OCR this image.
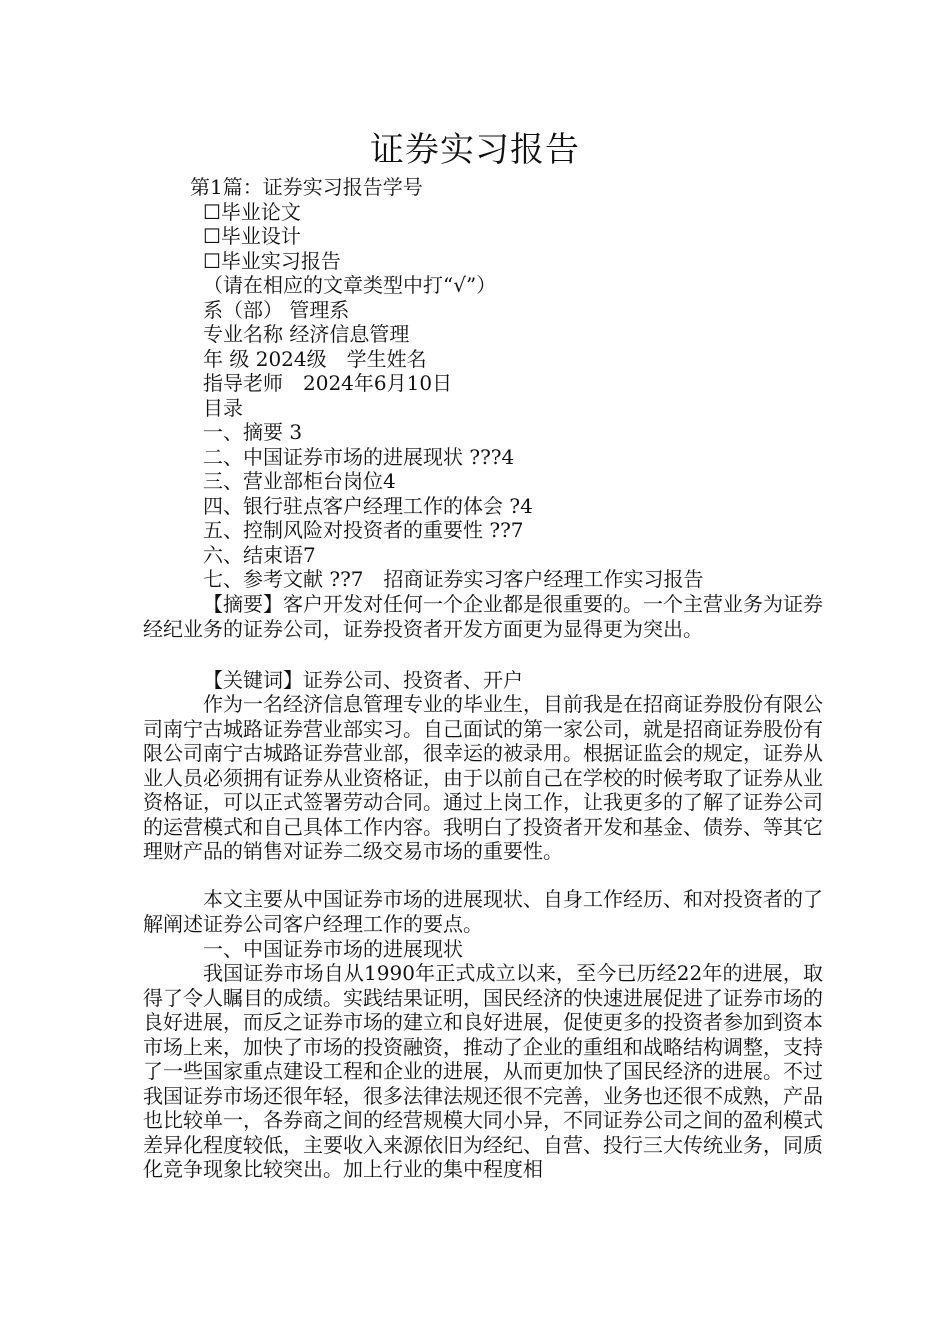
证券实习报告
第1篇：证券实习报告学号
☐毕业论文
☐毕业设计
☐毕业实习报告
（请在相应的文章类型中打“√”）
系（部） 管理系
专业名称 经济信息管理
年 级 2024级　学生姓名
指导老师　2024年6月10日
目录
一、摘要 3
二、中国证券市场的进展现状 ???4
三、营业部柜台岗位4
四、银行驻点客户经理工作的体会 ?4
五、控制风险对投资者的重要性 ??7
六、结束语7
七、参考文献 ??7　招商证券实习客户经理工作实习报告
【摘要】客户开发对任何一个企业都是很重要的。一个主营业务为证券经纪业务的证券公司，证券投资者开发方面更为显得更为突出。
【关键词】证券公司、投资者、开户
作为一名经济信息管理专业的毕业生，目前我是在招商证券股份有限公司南宁古城路证券营业部实习。自己面试的第一家公司，就是招商证券股份有限公司南宁古城路证券营业部，很幸运的被录用。根据证监会的规定，证券从业人员必须拥有证券从业资格证，由于以前自己在学校的时候考取了证券从业资格证，可以正式签署劳动合同。通过上岗工作，让我更多的了解了证券公司的运营模式和自己具体工作内容。我明白了投资者开发和基金、债券、等其它理财产品的销售对证券二级交易市场的重要性。
本文主要从中国证券市场的进展现状、自身工作经历、和对投资者的了解阐述证券公司客户经理工作的要点。
一、中国证券市场的进展现状
我国证券市场自从1990年正式成立以来，至今已历经22年的进展，取得了令人瞩目的成绩。实践结果证明，国民经济的快速进展促进了证券市场的良好进展，而反之证券市场的建立和良好进展，促使更多的投资者参加到资本市场上来，加快了市场的投资融资，推动了企业的重组和战略结构调整，支持了一些国家重点建设工程和企业的进展，从而更加快了国民经济的进展。不过我国证券市场还很年轻，很多法律法规还很不完善，业务也还很不成熟，产品也比较单一，各券商之间的经营规模大同小异，不同证券公司之间的盈利模式差异化程度较低，主要收入来源依旧为经纪、自营、投行三大传统业务，同质化竞争现象比较突出。加上行业的集中程度相
